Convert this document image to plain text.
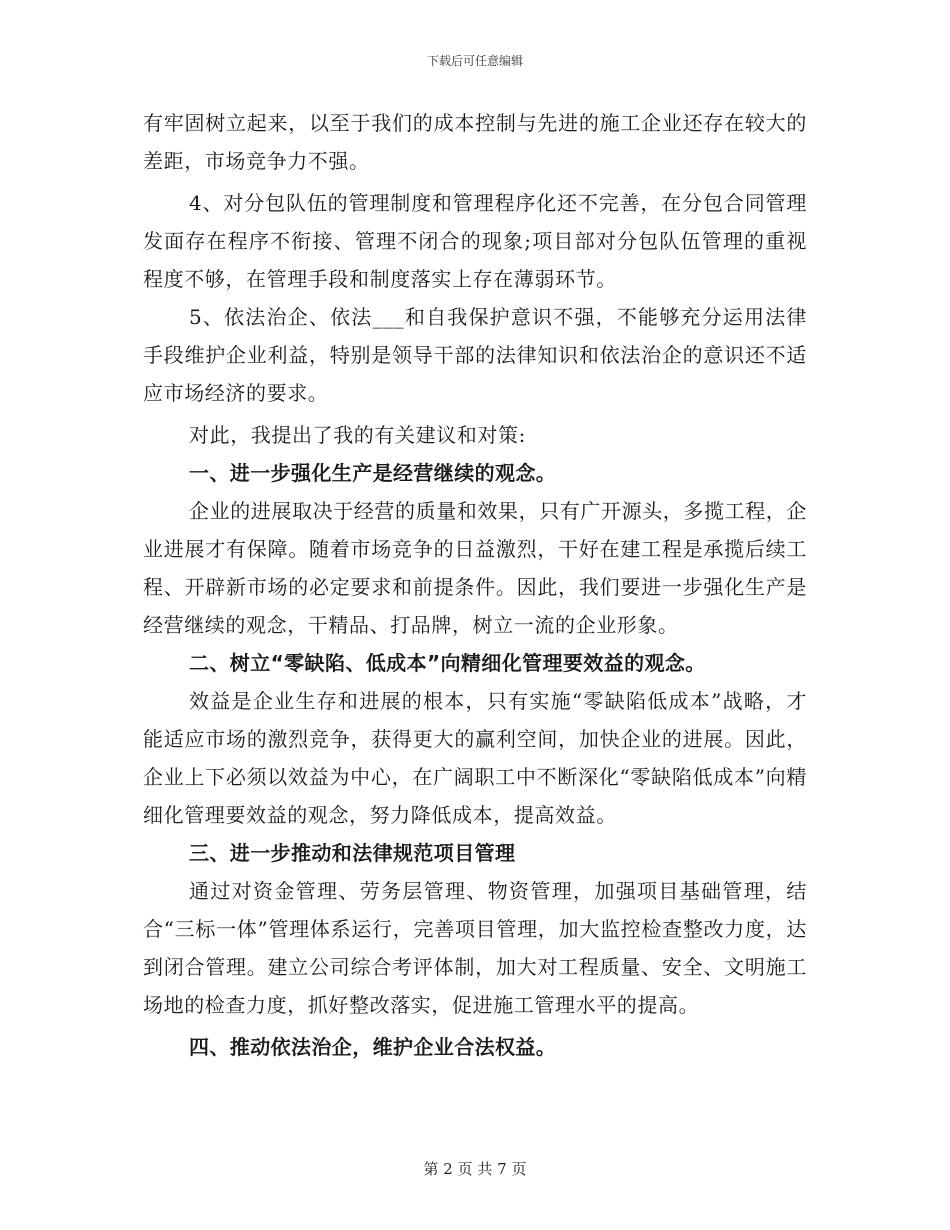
下载后可任意编辑

有牢固树立起来，以至于我们的成本控制与先进的施工企业还存在较大的差距，市场竞争力不强。

4、对分包队伍的管理制度和管理程序化还不完善，在分包合同管理发面存在程序不衔接、管理不闭合的现象;项目部对分包队伍管理的重视程度不够，在管理手段和制度落实上存在薄弱环节。

5、依法治企、依法___和自我保护意识不强，不能够充分运用法律手段维护企业利益，特别是领导干部的法律知识和依法治企的意识还不适应市场经济的要求。

对此，我提出了我的有关建议和对策:

一、进一步强化生产是经营继续的观念。

企业的进展取决于经营的质量和效果，只有广开源头，多揽工程，企业进展才有保障。随着市场竞争的日益激烈，干好在建工程是承揽后续工程、开辟新市场的必定要求和前提条件。因此，我们要进一步强化生产是经营继续的观念，干精品、打品牌，树立一流的企业形象。

二、树立“零缺陷、低成本”向精细化管理要效益的观念。

效益是企业生存和进展的根本，只有实施“零缺陷低成本”战略，才能适应市场的激烈竞争，获得更大的赢利空间，加快企业的进展。因此，企业上下必须以效益为中心，在广阔职工中不断深化“零缺陷低成本”向精细化管理要效益的观念，努力降低成本，提高效益。

三、进一步推动和法律规范项目管理

通过对资金管理、劳务层管理、物资管理，加强项目基础管理，结合“三标一体”管理体系运行，完善项目管理，加大监控检查整改力度，达到闭合管理。建立公司综合考评体制，加大对工程质量、安全、文明施工场地的检查力度，抓好整改落实，促进施工管理水平的提高。

四、推动依法治企，维护企业合法权益。

第 2 页 共 7 页
